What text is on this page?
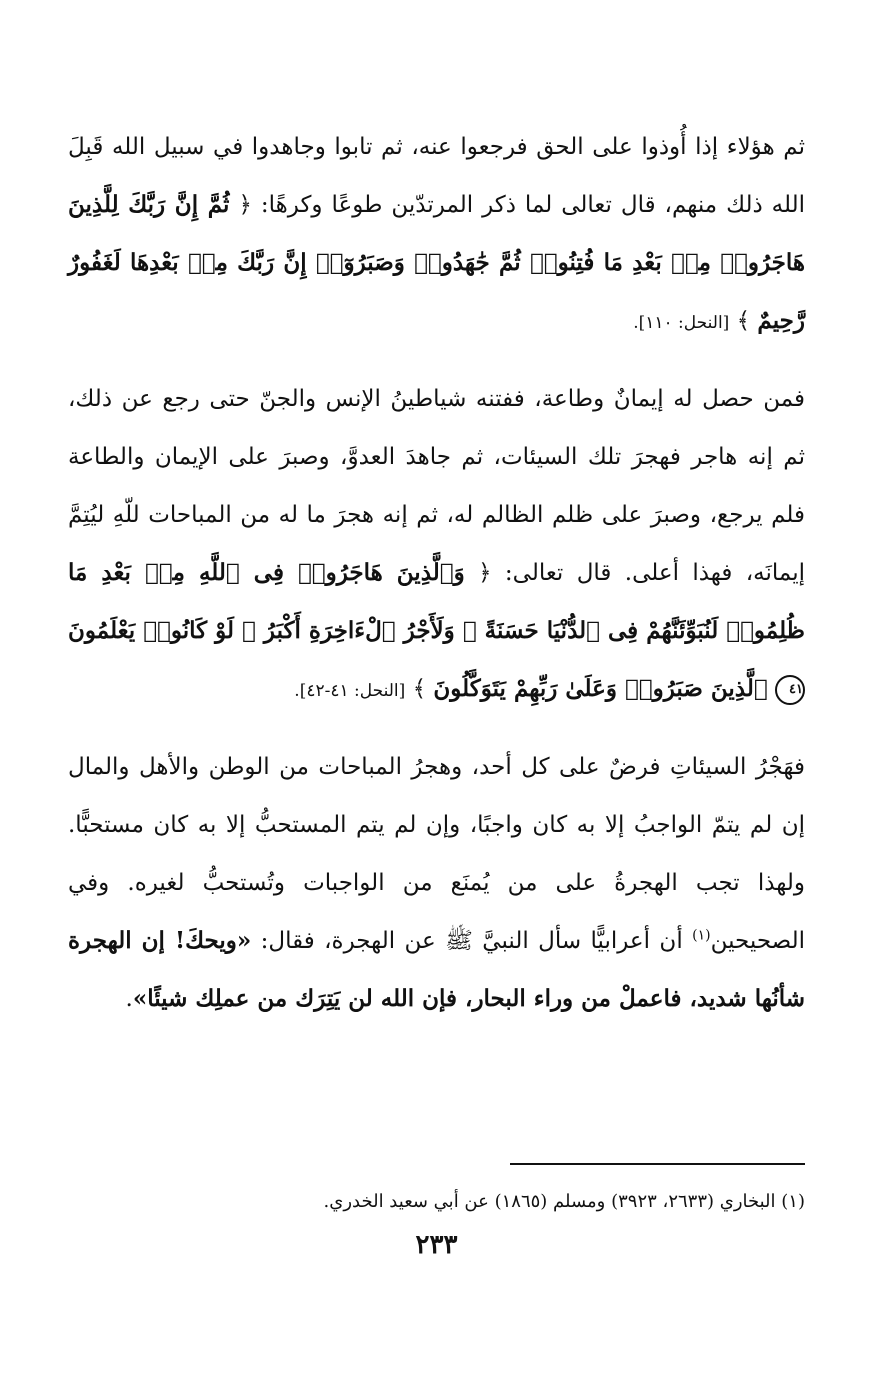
ثم هؤلاء إذا أُوذوا على الحق فرجعوا عنه، ثم تابوا وجاهدوا في سبيل الله قَبِلَ الله ذلك منهم، قال تعالى لما ذكر المرتدّين طوعًا وكرهًا: ﴿ ثُمَّ إِنَّ رَبَّكَ لِلَّذِينَ هَاجَرُوا۟ مِنۢ بَعْدِ مَا فُتِنُوا۟ ثُمَّ جَٰهَدُوا۟ وَصَبَرُوٓا۟ إِنَّ رَبَّكَ مِنۢ بَعْدِهَا لَغَفُورٌ رَّحِيمٌ ﴾ [النحل: ١١٠].

فمن حصل له إيمانٌ وطاعة، ففتنه شياطينُ الإنس والجنّ حتى رجع عن ذلك، ثم إنه هاجر فهجرَ تلك السيئات، ثم جاهدَ العدوَّ، وصبرَ على الإيمان والطاعة فلم يرجع، وصبرَ على ظلم الظالم له، ثم إنه هجرَ ما له من المباحات للّهِ ليُتِمَّ إيمانَه، فهذا أعلى. قال تعالى: ﴿ وَٱلَّذِينَ هَاجَرُوا۟ فِى ٱللَّهِ مِنۢ بَعْدِ مَا ظُلِمُوا۟ لَنُبَوِّئَنَّهُمْ فِى ٱلدُّنْيَا حَسَنَةً ۖ وَلَأَجْرُ ٱلْءَاخِرَةِ أَكْبَرُ ۚ لَوْ كَانُوا۟ يَعْلَمُونَ ٤١ ٱلَّذِينَ صَبَرُوا۟ وَعَلَىٰ رَبِّهِمْ يَتَوَكَّلُونَ ﴾ [النحل: ٤١-٤٢].

فهَجْرُ السيئاتِ فرضٌ على كل أحد، وهجرُ المباحات من الوطن والأهل والمال إن لم يتمّ الواجبُ إلا به كان واجبًا، وإن لم يتم المستحبُّ إلا به كان مستحبًّا. ولهذا تجب الهجرةُ على من يُمنَع من الواجبات وتُستحبُّ لغيره. وفي الصحيحين$^{(١)}$ أن أعرابيًّا سأل النبيَّ ﷺ عن الهجرة، فقال: «ويحكَ! إن الهجرة شأنُها شديد، فاعملْ من وراء البحار، فإن الله لن يَتِرَك من عملِك شيئًا».

(١) البخاري (٢٦٣٣، ٣٩٢٣) ومسلم (١٨٦٥) عن أبي سعيد الخدري.
٢٣٣
